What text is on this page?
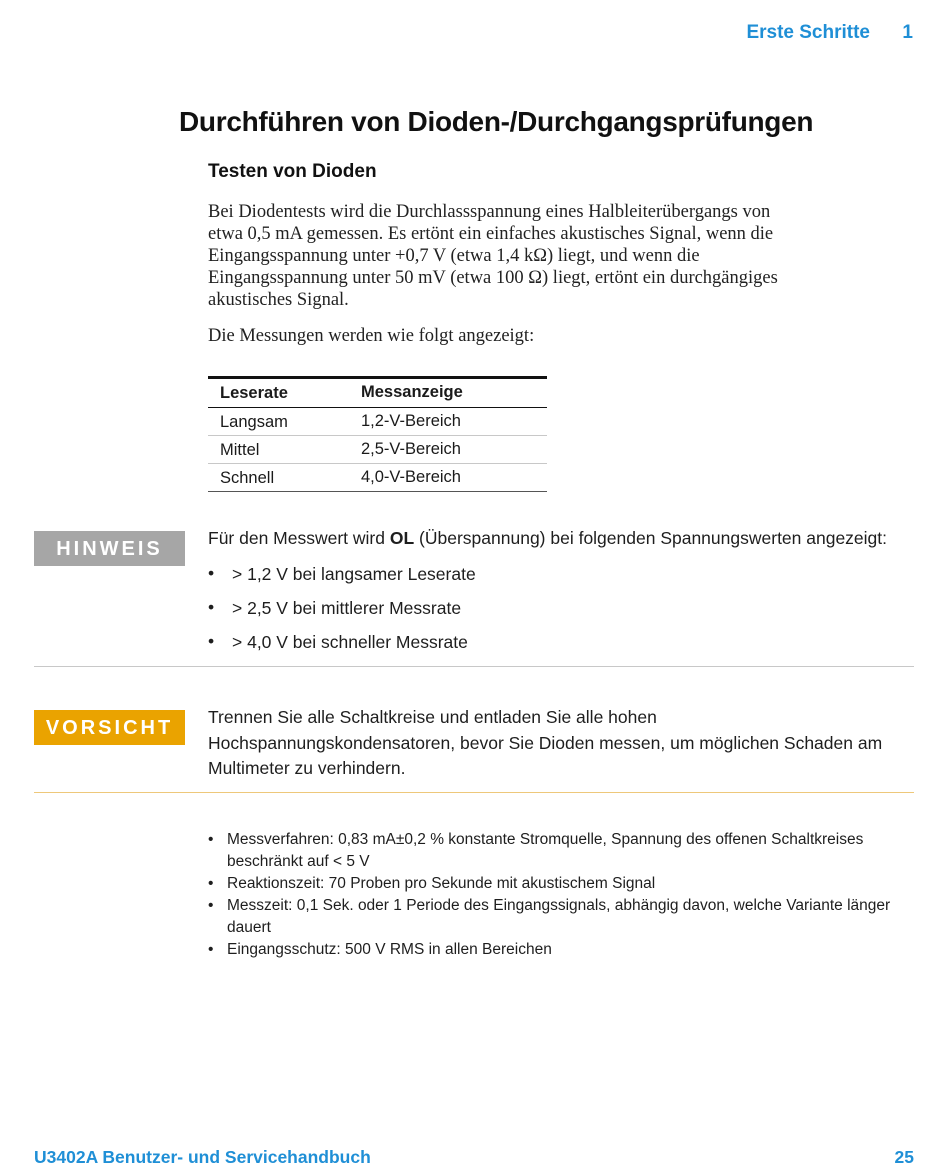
Erste Schritte 1
Durchführen von Dioden-/Durchgangsprüfungen
Testen von Dioden

Bei Diodentests wird die Durchlassspannung eines Halbleiterübergangs von

etwa 0,5 mA gemessen. Es ertönt ein einfaches akustisches Signal, wenn die

Eingangsspannung unter +0,7 V (etwa 1,4 kΩ) liegt, und wenn die

Eingangsspannung unter 50 mV (etwa 100 Ω) liegt, ertönt ein durchgängiges

akustisches Signal.

Die Messungen werden wie folgt angezeigt:
Leserate	Messanzeige
Langsam	1,2-V-Bereich
Mittel	2,5-V-Bereich
Schnell	4,0-V-Bereich
HINWEIS	Für den Messwert wird OL (Überspannung) bei folgenden Spannungswerten angezeigt:
• > 1,2 V bei langsamer Leserate
• > 2,5 V bei mittlerer Messrate
• > 4,0 V bei schneller Messrate
VORSICHT	Trennen Sie alle Schaltkreise und entladen Sie alle hohen
Hochspannungskondensatoren, bevor Sie Dioden messen, um möglichen Schaden am
Multimeter zu verhindern.
• Messverfahren: 0,83 mA±0,2 % konstante Stromquelle, Spannung des offenen Schaltkreises
beschränkt auf < 5 V
• Reaktionszeit: 70 Proben pro Sekunde mit akustischem Signal
• Messzeit: 0,1 Sek. oder 1 Periode des Eingangssignals, abhängig davon, welche Variante länger
dauert
• Eingangsschutz: 500 V RMS in allen Bereichen
U3402A Benutzer- und Servicehandbuch	25
